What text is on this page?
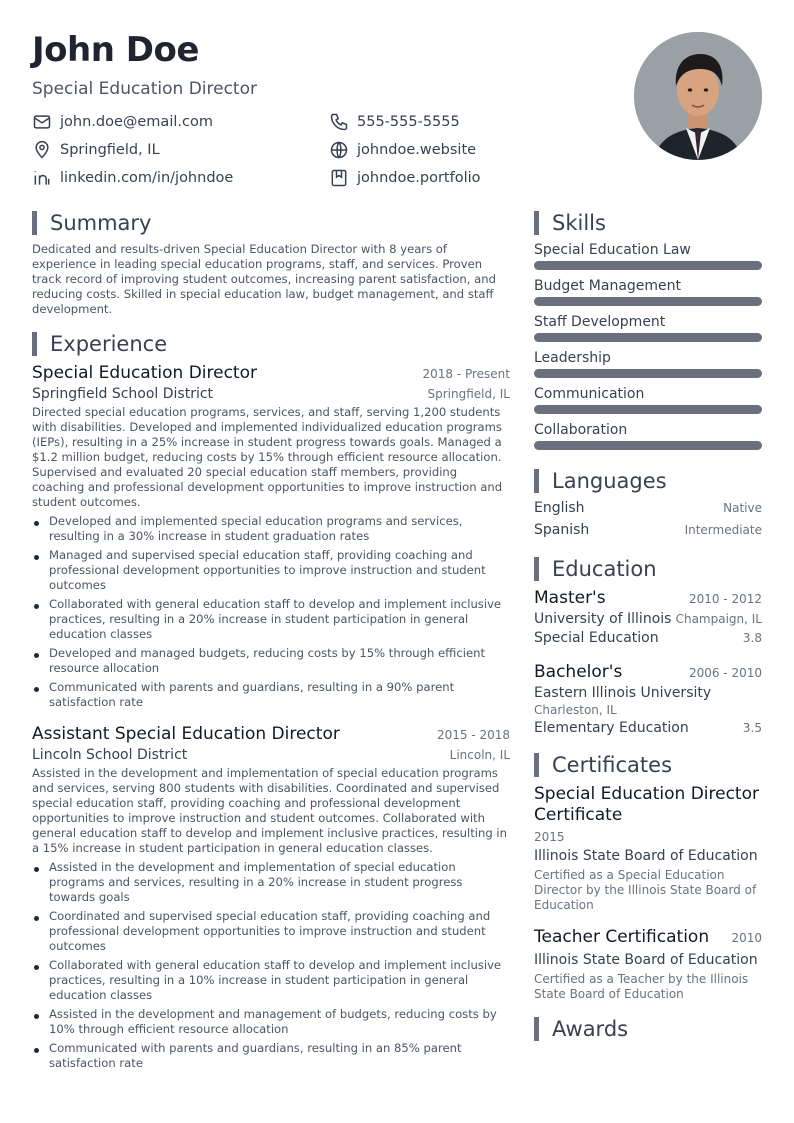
John Doe
Special Education Director
john.doe@email.com	555-555-5555
Springfield, IL	johndoe.website
linkedin.com/in/johndoe	johndoe.portfolio
Summary

Dedicated and results-driven Special Education Director with 8 years of experience in leading special education programs, staff, and services. Proven track record of improving student outcomes, increasing parent satisfaction, and reducing costs. Skilled in special education law, budget management, and staff development.

Experience
Special Education Director	2018 - Present
Springfield School District	Springfield, IL

Directed special education programs, services, and staff, serving 1,200 students with disabilities. Developed and implemented individualized education programs (IEPs), resulting in a 25% increase in student progress towards goals. Managed a $1.2 million budget, reducing costs by 15% through efficient resource allocation. Supervised and evaluated 20 special education staff members, providing coaching and professional development opportunities to improve instruction and student outcomes.

Developed and implemented special education programs and services, resulting in a 30% increase in student graduation rates
Managed and supervised special education staff, providing coaching and professional development opportunities to improve instruction and student outcomes
Collaborated with general education staff to develop and implement inclusive practices, resulting in a 20% increase in student participation in general education classes
Developed and managed budgets, reducing costs by 15% through efficient resource allocation
Communicated with parents and guardians, resulting in a 90% parent satisfaction rate
Assistant Special Education Director	2015 - 2018
Lincoln School District	Lincoln, IL

Assisted in the development and implementation of special education programs and services, serving 800 students with disabilities. Coordinated and supervised special education staff, providing coaching and professional development opportunities to improve instruction and student outcomes. Collaborated with general education staff to develop and implement inclusive practices, resulting in a 15% increase in student participation in general education classes.

Assisted in the development and implementation of special education programs and services, resulting in a 20% increase in student progress towards goals
Coordinated and supervised special education staff, providing coaching and professional development opportunities to improve instruction and student outcomes
Collaborated with general education staff to develop and implement inclusive practices, resulting in a 10% increase in student participation in general education classes
Assisted in the development and management of budgets, reducing costs by 10% through efficient resource allocation
Communicated with parents and guardians, resulting in an 85% parent satisfaction rate
Skills
Special Education Law
Budget Management
Staff Development
Leadership
Communication
Collaboration
Languages
English	Native
Spanish	Intermediate
Education
Master's	2010 - 2012
University of Illinois Champaign, IL
Special Education	3.8
Bachelor's	2006 - 2010
Eastern Illinois University
Charleston, IL
Elementary Education	3.5
Certificates
Special Education Director Certificate
2015
Illinois State Board of Education
Certified as a Special Education Director by the Illinois State Board of Education
Teacher Certification 2010
Illinois State Board of Education
Certified as a Teacher by the Illinois State Board of Education
Awards
